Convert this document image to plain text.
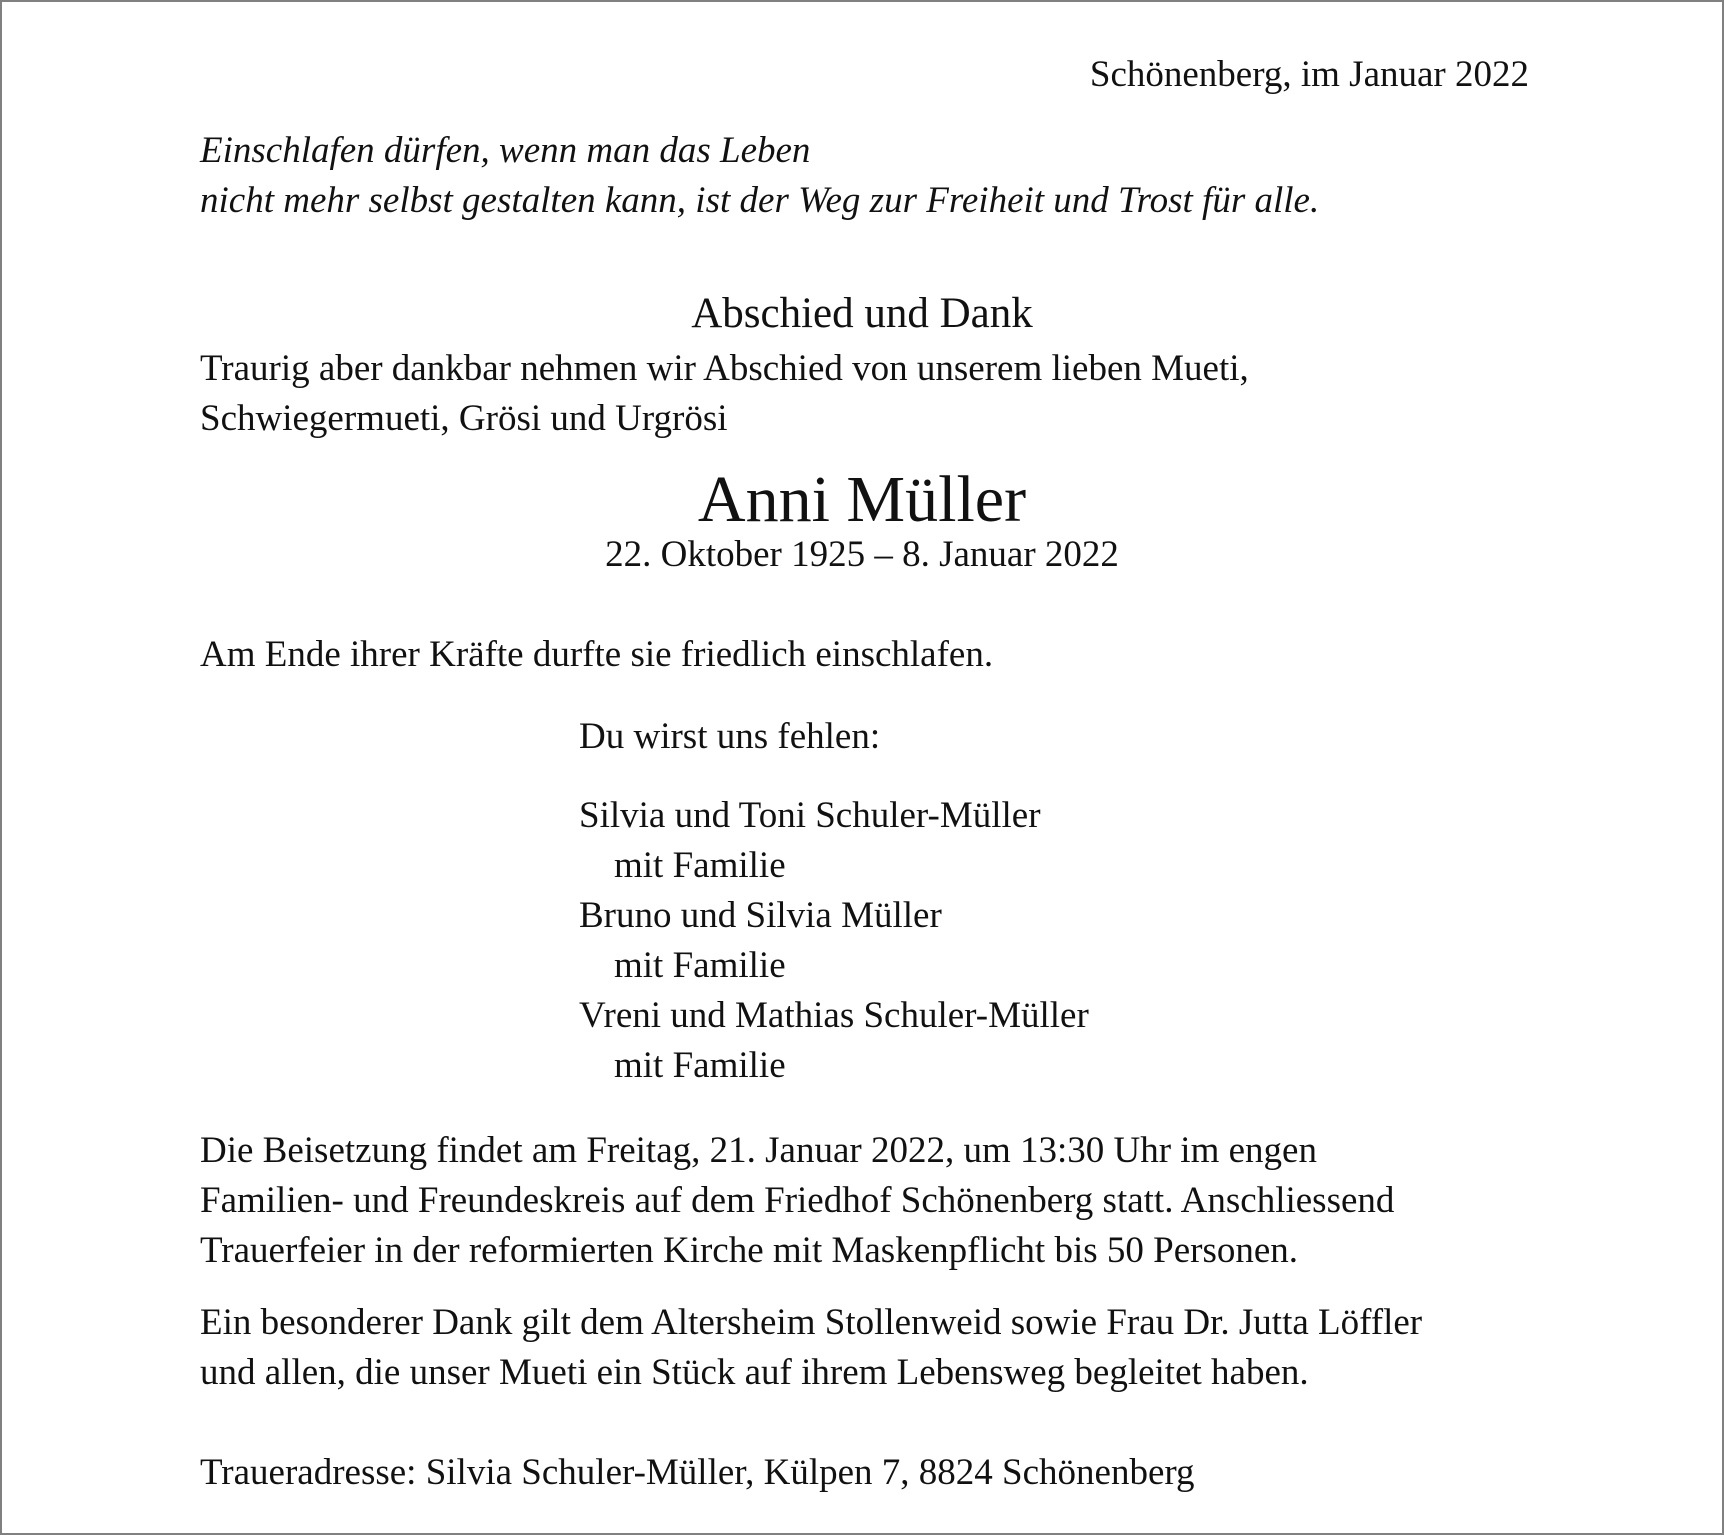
Schönenberg, im Januar 2022
Einschlafen dürfen, wenn man das Leben
nicht mehr selbst gestalten kann, ist der Weg zur Freiheit und Trost für alle.
Abschied und Dank
Traurig aber dankbar nehmen wir Abschied von unserem lieben Mueti,
Schwiegermueti, Grösi und Urgrösi
Anni Müller
22. Oktober 1925 – 8. Januar 2022
Am Ende ihrer Kräfte durfte sie friedlich einschlafen.
Du wirst uns fehlen:
Silvia und Toni Schuler-Müller
mit Familie
Bruno und Silvia Müller
mit Familie
Vreni und Mathias Schuler-Müller
mit Familie
Die Beisetzung findet am Freitag, 21. Januar 2022, um 13:30 Uhr im engen
Familien- und Freundeskreis auf dem Friedhof Schönenberg statt. Anschliessend
Trauerfeier in der reformierten Kirche mit Maskenpflicht bis 50 Personen.
Ein besonderer Dank gilt dem Altersheim Stollenweid sowie Frau Dr. Jutta Löffler
und allen, die unser Mueti ein Stück auf ihrem Lebensweg begleitet haben.
Traueradresse: Silvia Schuler-Müller, Külpen 7, 8824 Schönenberg
